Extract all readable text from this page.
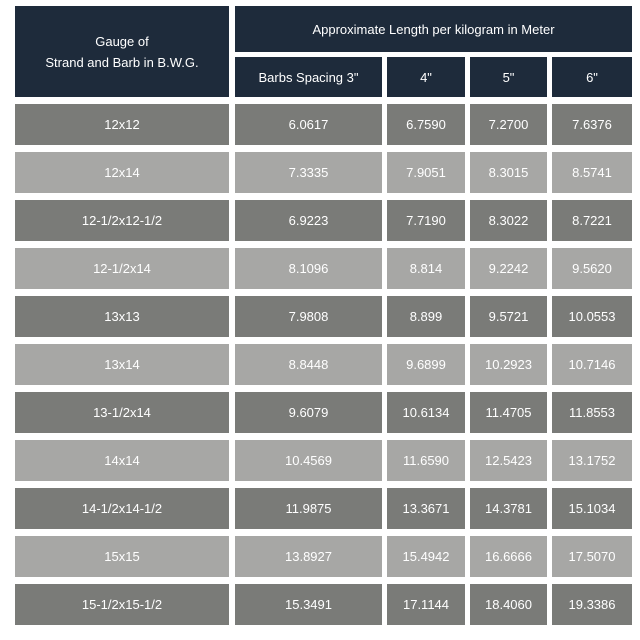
Gauge of
Strand and Barb in B.W.G.
Approximate Length per kilogram in Meter
Barbs Spacing 3"	4"	5"	6"
12x12	6.0617	6.7590	7.2700	7.6376
12x14	7.3335	7.9051	8.3015	8.5741
12-1/2x12-1/2	6.9223	7.7190	8.3022	8.7221
12-1/2x14	8.1096	8.814	9.2242	9.5620
13x13	7.9808	8.899	9.5721	10.0553
13x14	8.8448	9.6899	10.2923	10.7146
13-1/2x14	9.6079	10.6134	11.4705	11.8553
14x14	10.4569	11.6590	12.5423	13.1752
14-1/2x14-1/2	11.9875	13.3671	14.3781	15.1034
15x15	13.8927	15.4942	16.6666	17.5070
15-1/2x15-1/2	15.3491	17.1144	18.4060	19.3386
